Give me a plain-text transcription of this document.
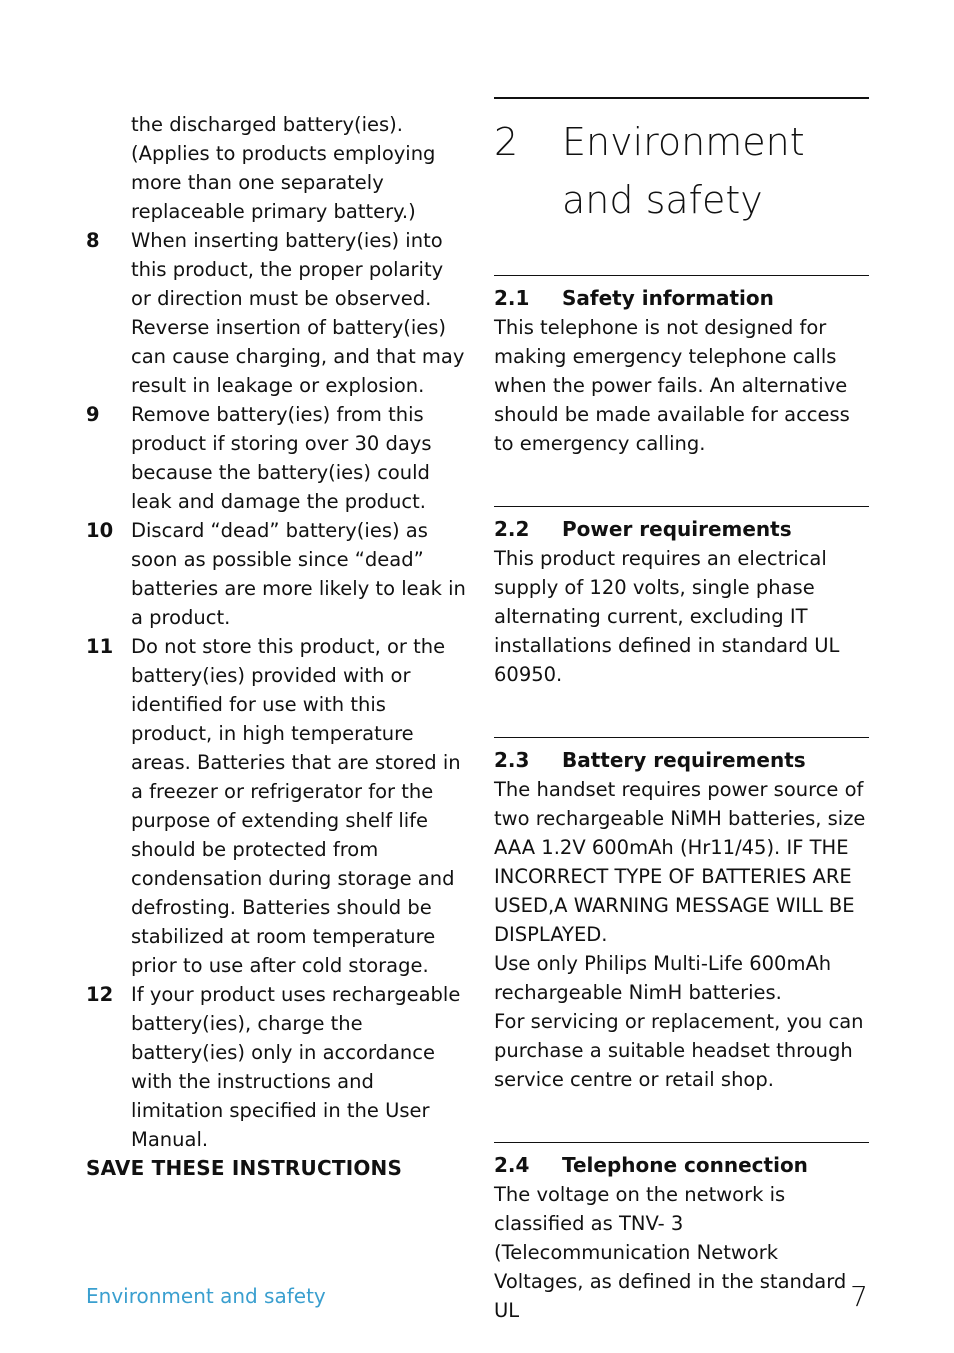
the discharged battery(ies). (Applies to products employing more than one separately replaceable primary battery.)
8 When inserting battery(ies) into this product, the proper polarity or direction must be observed. Reverse insertion of battery(ies) can cause charging, and that may result in leakage or explosion.
9 Remove battery(ies) from this product if storing over 30 days because the battery(ies) could leak and damage the product.
10 Discard “dead” battery(ies) as soon as possible since “dead” batteries are more likely to leak in a product.
11 Do not store this product, or the battery(ies) provided with or identified for use with this product, in high temperature areas. Batteries that are stored in a freezer or refrigerator for the purpose of extending shelf life should be protected from condensation during storage and defrosting. Batteries should be stabilized at room temperature prior to use after cold storage.
12 If your product uses rechargeable battery(ies), charge the battery(ies) only in accordance with the instructions and limitation specified in the User Manual.
SAVE THESE INSTRUCTIONS
2	Environment and safety
2.1	Safety information
This telephone is not designed for making emergency telephone calls when the power fails. An alternative should be made available for access to emergency calling.
2.2	Power requirements
This product requires an electrical supply of 120 volts, single phase alternating current, excluding IT installations defined in standard UL 60950.
2.3	Battery requirements
The handset requires power source of two rechargeable NiMH batteries, size AAA 1.2V 600mAh (Hr11/45). IF THE INCORRECT TYPE OF BATTERIES ARE USED,A WARNING MESSAGE WILL BE DISPLAYED.
Use only Philips Multi-Life 600mAh rechargeable NimH batteries.
For servicing or replacement, you can purchase a suitable headset through service centre or retail shop.
2.4	Telephone connection
The voltage on the network is classified as TNV- 3 (Telecommunication Network Voltages, as defined in the standard UL
Environment and safety	7
